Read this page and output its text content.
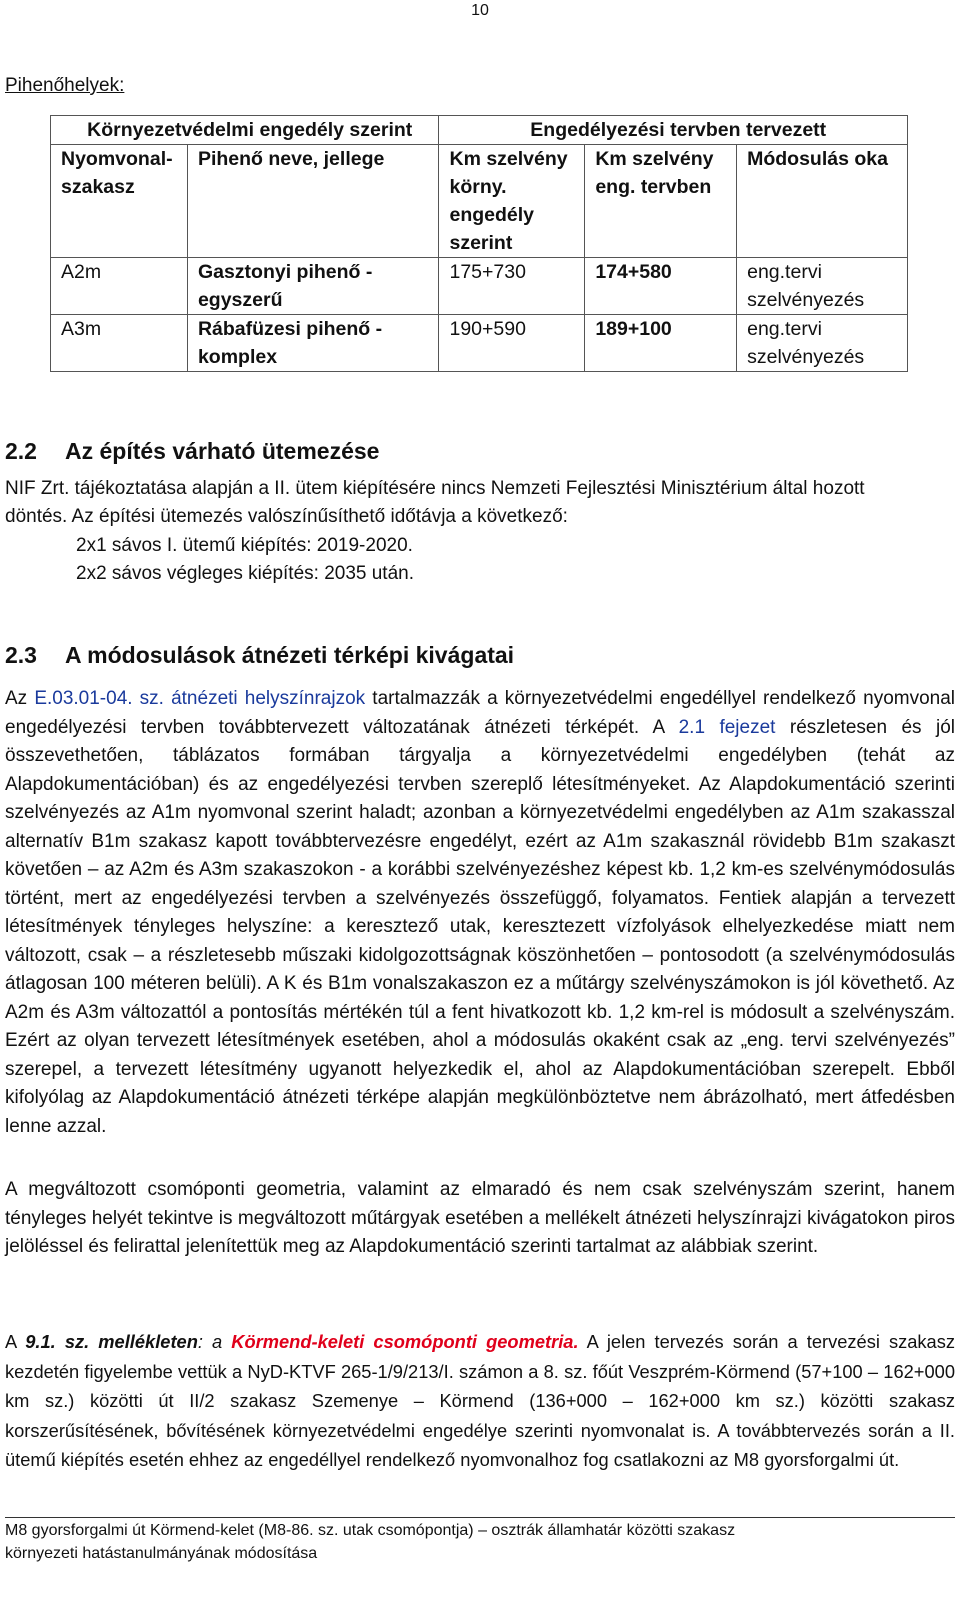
10
Pihenőhelyek:
Környezetvédelmi engedély szerint		Engedélyezési tervben tervezett		
Nyomvonal-szakasz	Pihenő neve, jellege	Km szelvény körny. engedély szerint	Km szelvény eng. tervben	Módosulás oka
A2m	Gasztonyi pihenő - egyszerű	175+730	174+580	eng.tervi szelvényezés
A3m	Rábafüzesi pihenő - komplex	190+590	189+100	eng.tervi szelvényezés
2.2 Az építés várható ütemezése
NIF Zrt. tájékoztatása alapján a II. ütem kiépítésére nincs Nemzeti Fejlesztési Minisztérium által hozott
döntés. Az építési ütemezés valószínűsíthető időtávja a következő:
2x1 sávos I. ütemű kiépítés: 2019-2020.
2x2 sávos végleges kiépítés: 2035 után.
2.3 A módosulások átnézeti térképi kivágatai
Az E.03.01-04. sz. átnézeti helyszínrajzok tartalmazzák a környezetvédelmi engedéllyel rendelkező nyomvonal engedélyezési tervben továbbtervezett változatának átnézeti térképét. A 2.1 fejezet részletesen és jól összevethetően, táblázatos formában tárgyalja a környezetvédelmi engedélyben (tehát az Alapdokumentációban) és az engedélyezési tervben szereplő létesítményeket. Az Alapdokumentáció szerinti szelvényezés az A1m nyomvonal szerint haladt; azonban a környezetvédelmi engedélyben az A1m szakasszal alternatív B1m szakasz kapott továbbtervezésre engedélyt, ezért az A1m szakasznál rövidebb B1m szakaszt követően – az A2m és A3m szakaszokon - a korábbi szelvényezéshez képest kb. 1,2 km-es szelvénymódosulás történt, mert az engedélyezési tervben a szelvényezés összefüggő, folyamatos. Fentiek alapján a tervezett létesítmények tényleges helyszíne: a keresztező utak, keresztezett vízfolyások elhelyezkedése miatt nem változott, csak – a részletesebb műszaki kidolgozottságnak köszönhetően – pontosodott (a szelvénymódosulás átlagosan 100 méteren belüli). A K és B1m vonalszakaszon ez a műtárgy szelvényszámokon is jól követhető. Az A2m és A3m változattól a pontosítás mértékén túl a fent hivatkozott kb. 1,2 km-rel is módosult a szelvényszám. Ezért az olyan tervezett létesítmények esetében, ahol a módosulás okaként csak az „eng. tervi szelvényezés” szerepel, a tervezett létesítmény ugyanott helyezkedik el, ahol az Alapdokumentációban szerepelt. Ebből kifolyólag az Alapdokumentáció átnézeti térképe alapján megkülönböztetve nem ábrázolható, mert átfedésben lenne azzal.
A megváltozott csomóponti geometria, valamint az elmaradó és nem csak szelvényszám szerint, hanem tényleges helyét tekintve is megváltozott műtárgyak esetében a mellékelt átnézeti helyszínrajzi kivágatokon piros jelöléssel és felirattal jelenítettük meg az Alapdokumentáció szerinti tartalmat az alábbiak szerint.
A 9.1. sz. mellékleten: a Körmend-keleti csomóponti geometria. A jelen tervezés során a tervezési szakasz kezdetén figyelembe vettük a NyD-KTVF 265-1/9/213/I. számon a 8. sz. főút Veszprém-Körmend (57+100 – 162+000 km sz.) közötti út II/2 szakasz Szemenye – Körmend (136+000 – 162+000 km sz.) közötti szakasz korszerűsítésének, bővítésének környezetvédelmi engedélye szerinti nyomvonalat is. A továbbtervezés során a II. ütemű kiépítés esetén ehhez az engedéllyel rendelkező nyomvonalhoz fog csatlakozni az M8 gyorsforgalmi út.
M8 gyorsforgalmi út Körmend-kelet (M8-86. sz. utak csomópontja) – osztrák államhatár közötti szakasz
környezeti hatástanulmányának módosítása
